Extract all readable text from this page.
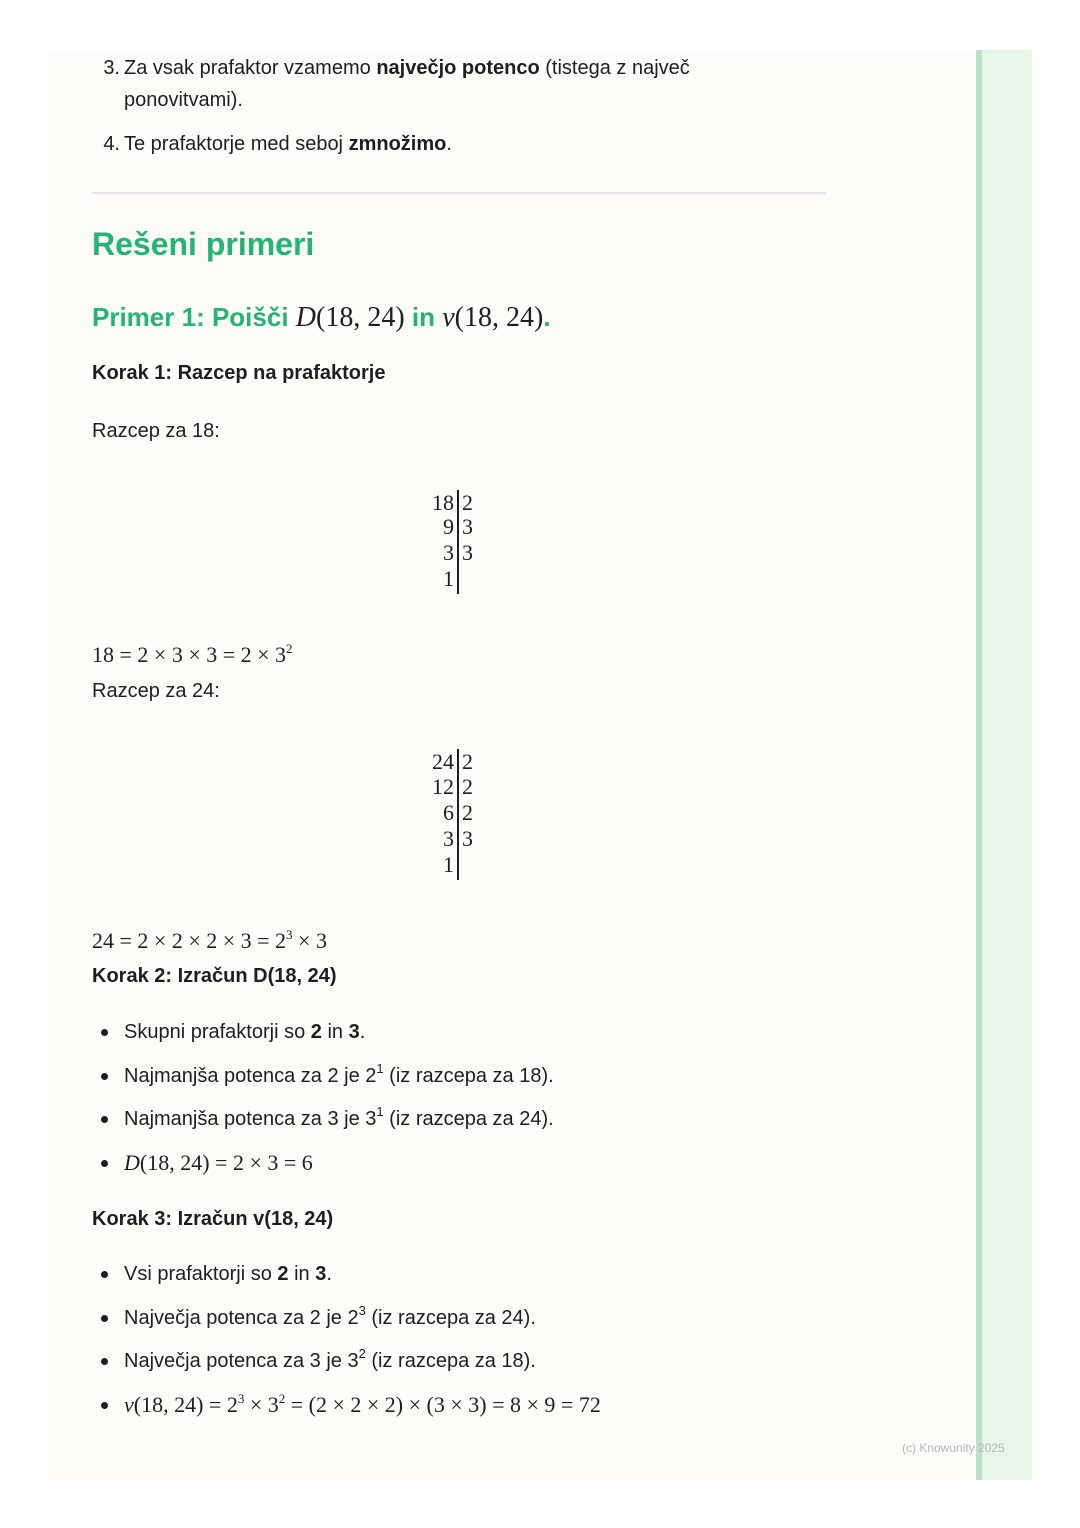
3. Za vsak prafaktor vzamemo največjo potenco (tistega z največ
ponovitvami).
4. Te prafaktorje med seboj zmnožimo.
Rešeni primeri
Primer 1: Poišči D(18, 24) in v(18, 24).
Korak 1: Razcep na prafaktorje
Razcep za 18:
18 2
9 3
3 3
1
$18 = 2 \times 3 \times 3 = 2 \times 3^2$
Razcep za 24:
24 2
12 2
6 2
3 3
1
$24 = 2 \times 2 \times 2 \times 3 = 2^3 \times 3$
Korak 2: Izračun D(18, 24)
Skupni prafaktorji so 2 in 3.
Najmanjša potenca za 2 je $2^1$ (iz razcepa za 18).
Najmanjša potenca za 3 je $3^1$ (iz razcepa za 24).
D(18, 24) = 2 × 3 = 6
Korak 3: Izračun v(18, 24)
Vsi prafaktorji so 2 in 3.
Največja potenca za 2 je $2^3$ (iz razcepa za 24).
Največja potenca za 3 je $3^2$ (iz razcepa za 18).
v(18, $24) = 2^3 \times 3^2 = (2 \times 2 \times 2) \times (3 \times 3) = 8 \times 9 = 72$
(c) Knowunity 2025
